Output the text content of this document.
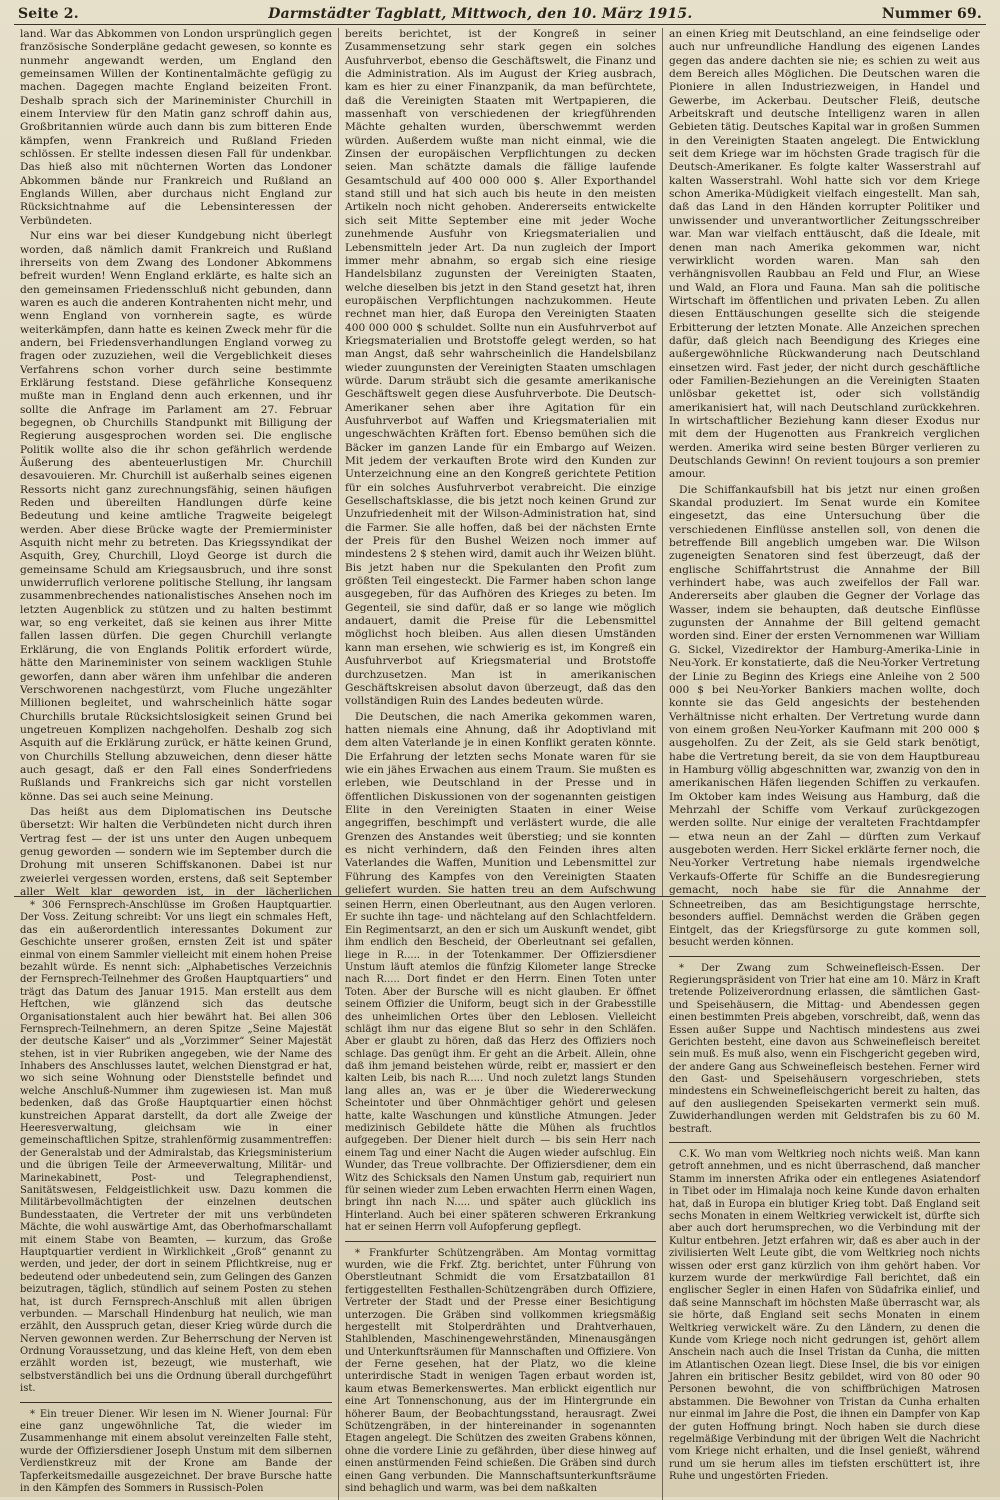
Seite 2.	Darmstädter Tagblatt, Mittwoch, den 10. März 1915.	Nummer 69.

land. War das Abkommen von London ursprünglich gegen französische Sonderpläne gedacht gewesen, so konnte es nunmehr angewandt werden, um England den gemeinsamen Willen der Kontinentalmächte gefügig zu machen. Dagegen machte England beizeiten Front. Deshalb sprach sich der Marineminister Churchill in einem Interview für den Matin ganz schroff dahin aus, Großbritannien würde auch dann bis zum bitteren Ende kämpfen, wenn Frankreich und Rußland Frieden schlössen. Er stellte indessen diesen Fall für undenkbar. Das hieß also mit nüchternen Worten das Londoner Abkommen bände nur Frankreich und Rußland an Englands Willen, aber durchaus nicht England zur Rücksichtnahme auf die Lebensinteressen der Verbündeten.

Nur eins war bei dieser Kundgebung nicht überlegt worden, daß nämlich damit Frankreich und Rußland ihrerseits von dem Zwang des Londoner Abkommens befreit wurden! Wenn England erklärte, es halte sich an den gemeinsamen Friedensschluß nicht gebunden, dann waren es auch die anderen Kontrahenten nicht mehr, und wenn England von vornherein sagte, es würde weiterkämpfen, dann hatte es keinen Zweck mehr für die andern, bei Friedensverhandlungen England vorweg zu fragen oder zuzuziehen, weil die Vergeblichkeit dieses Verfahrens schon vorher durch seine bestimmte Erklärung feststand. Diese gefährliche Konsequenz mußte man in England denn auch erkennen, und ihr sollte die Anfrage im Parlament am 27. Februar begegnen, ob Churchills Standpunkt mit Billigung der Regierung ausgesprochen worden sei. Die englische Politik wollte also die ihr schon gefährlich werdende Äußerung des abenteuerlustigen Mr. Churchill desavouieren. Mr. Churchill ist außerhalb seines eigenen Ressorts nicht ganz zurechnungsfähig, seinen häufigen Reden und übereilten Handlungen dürfe keine Bedeutung und keine amtliche Tragweite beigelegt werden. Aber diese Brücke wagte der Premierminister Asquith nicht mehr zu betreten. Das Kriegssyndikat der Asquith, Grey, Churchill, Lloyd George ist durch die gemeinsame Schuld am Kriegsausbruch, und ihre sonst unwiderruflich verlorene politische Stellung, ihr langsam zusammenbrechendes nationalistisches Ansehen noch im letzten Augenblick zu stützen und zu halten bestimmt war, so eng verkeitet, daß sie keinen aus ihrer Mitte fallen lassen dürfen. Die gegen Churchill verlangte Erklärung, die von Englands Politik erfordert würde, hätte den Marineminister von seinem wackligen Stuhle geworfen, dann aber wären ihm unfehlbar die anderen Verschworenen nachgestürzt, vom Fluche ungezählter Millionen begleitet, und wahrscheinlich hätte sogar Churchills brutale Rücksichtslosigkeit seinen Grund bei ungetreuen Komplizen nachgeholfen. Deshalb zog sich Asquith auf die Erklärung zurück, er hätte keinen Grund, von Churchills Stellung abzuweichen, denn dieser hätte auch gesagt, daß er den Fall eines Sonderfriedens Rußlands und Frankreichs sich gar nicht vorstellen könne. Das sei auch seine Meinung.

Das heißt aus dem Diplomatischen ins Deutsche übersetzt: Wir halten die Verbündeten nicht durch ihren Vertrag fest — der ist uns unter den Augen unbequem genug geworden — sondern wie im September durch die Drohung mit unseren Schiffskanonen. Dabei ist nur zweierlei vergessen worden, erstens, daß seit September aller Welt klar geworden ist, in der lächerlichen

bereits berichtet, ist der Kongreß in seiner Zusammensetzung sehr stark gegen ein solches Ausfuhrverbot, ebenso die Geschäftswelt, die Finanz und die Administration. Als im August der Krieg ausbrach, kam es hier zu einer Finanzpanik, da man befürchtete, daß die Vereinigten Staaten mit Wertpapieren, die massenhaft von verschiedenen der kriegführenden Mächte gehalten wurden, überschwemmt werden würden. Außerdem wußte man nicht einmal, wie die Zinsen der europäischen Verpflichtungen zu decken seien. Man schätzte damals die fällige laufende Gesamtschuld auf 400 000 000 $. Aller Exporthandel stand still und hat sich auch bis heute in den meisten Artikeln noch nicht gehoben. Andererseits entwickelte sich seit Mitte September eine mit jeder Woche zunehmende Ausfuhr von Kriegsmaterialien und Lebensmitteln jeder Art. Da nun zugleich der Import immer mehr abnahm, so ergab sich eine riesige Handelsbilanz zugunsten der Vereinigten Staaten, welche dieselben bis jetzt in den Stand gesetzt hat, ihren europäischen Verpflichtungen nachzukommen. Heute rechnet man hier, daß Europa den Vereinigten Staaten 400 000 000 $ schuldet. Sollte nun ein Ausfuhrverbot auf Kriegsmaterialien und Brotstoffe gelegt werden, so hat man Angst, daß sehr wahrscheinlich die Handelsbilanz wieder zuungunsten der Vereinigten Staaten umschlagen würde. Darum sträubt sich die gesamte amerikanische Geschäftswelt gegen diese Ausfuhrverbote. Die Deutsch-Amerikaner sehen aber ihre Agitation für ein Ausfuhrverbot auf Waffen und Kriegsmaterialien mit ungeschwächten Kräften fort. Ebenso bemühen sich die Bäcker im ganzen Lande für ein Embargo auf Weizen. Mit jedem der verkauften Brote wird den Kunden zur Unterzeichnung eine an den Kongreß gerichtete Petition für ein solches Ausfuhrverbot verabreicht. Die einzige Gesellschaftsklasse, die bis jetzt noch keinen Grund zur Unzufriedenheit mit der Wilson-Administration hat, sind die Farmer. Sie alle hoffen, daß bei der nächsten Ernte der Preis für den Bushel Weizen noch immer auf mindestens 2 $ stehen wird, damit auch ihr Weizen blüht. Bis jetzt haben nur die Spekulanten den Profit zum größten Teil eingesteckt. Die Farmer haben schon lange ausgegeben, für das Aufhören des Krieges zu beten. Im Gegenteil, sie sind dafür, daß er so lange wie möglich andauert, damit die Preise für die Lebensmittel möglichst hoch bleiben. Aus allen diesen Umständen kann man ersehen, wie schwierig es ist, im Kongreß ein Ausfuhrverbot auf Kriegsmaterial und Brotstoffe durchzusetzen. Man ist in amerikanischen Geschäftskreisen absolut davon überzeugt, daß das den vollständigen Ruin des Landes bedeuten würde.

Die Deutschen, die nach Amerika gekommen waren, hatten niemals eine Ahnung, daß ihr Adoptivland mit dem alten Vaterlande je in einen Konflikt geraten könnte. Die Erfahrung der letzten sechs Monate waren für sie wie ein jähes Erwachen aus einem Traum. Sie mußten es erleben, wie Deutschland in der Presse und in öffentlichen Diskussionen von der sogenannten geistigen Elite in den Vereinigten Staaten in einer Weise angegriffen, beschimpft und verlästert wurde, die alle Grenzen des Anstandes weit überstieg; und sie konnten es nicht verhindern, daß den Feinden ihres alten Vaterlandes die Waffen, Munition und Lebensmittel zur Führung des Kampfes von den Vereinigten Staaten geliefert wurden. Sie hatten treu an dem Aufschwung

an einen Krieg mit Deutschland, an eine feindselige oder auch nur unfreundliche Handlung des eigenen Landes gegen das andere dachten sie nie; es schien zu weit aus dem Bereich alles Möglichen. Die Deutschen waren die Pioniere in allen Industriezweigen, in Handel und Gewerbe, im Ackerbau. Deutscher Fleiß, deutsche Arbeitskraft und deutsche Intelligenz waren in allen Gebieten tätig. Deutsches Kapital war in großen Summen in den Vereinigten Staaten angelegt. Die Entwicklung seit dem Kriege war im höchsten Grade tragisch für die Deutsch-Amerikaner. Es folgte kalter Wasserstrahl auf kalten Wasserstrahl. Wohl hatte sich vor dem Kriege schon Amerika-Müdigkeit vielfach eingestellt. Man sah, daß das Land in den Händen korrupter Politiker und unwissender und unverantwortlicher Zeitungsschreiber war. Man war vielfach enttäuscht, daß die Ideale, mit denen man nach Amerika gekommen war, nicht verwirklicht worden waren. Man sah den verhängnisvollen Raubbau an Feld und Flur, an Wiese und Wald, an Flora und Fauna. Man sah die politische Wirtschaft im öffentlichen und privaten Leben. Zu allen diesen Enttäuschungen gesellte sich die steigende Erbitterung der letzten Monate. Alle Anzeichen sprechen dafür, daß gleich nach Beendigung des Krieges eine außergewöhnliche Rückwanderung nach Deutschland einsetzen wird. Fast jeder, der nicht durch geschäftliche oder Familien-Beziehungen an die Vereinigten Staaten unlösbar gekettet ist, oder sich vollständig amerikanisiert hat, will nach Deutschland zurückkehren. In wirtschaftlicher Beziehung kann dieser Exodus nur mit dem der Hugenotten aus Frankreich verglichen werden. Amerika wird seine besten Bürger verlieren zu Deutschlands Gewinn! On revient toujours a son premier amour.

Die Schiffankaufsbill hat bis jetzt nur einen großen Skandal produziert. Im Senat wurde ein Komitee eingesetzt, das eine Untersuchung über die verschiedenen Einflüsse anstellen soll, von denen die betreffende Bill angeblich umgeben war. Die Wilson zugeneigten Senatoren sind fest überzeugt, daß der englische Schiffahrtstrust die Annahme der Bill verhindert habe, was auch zweifellos der Fall war. Andererseits aber glauben die Gegner der Vorlage das Wasser, indem sie behaupten, daß deutsche Einflüsse zugunsten der Annahme der Bill geltend gemacht worden sind. Einer der ersten Vernommenen war William G. Sickel, Vizedirektor der Hamburg-Amerika-Linie in Neu-York. Er konstatierte, daß die Neu-Yorker Vertretung der Linie zu Beginn des Kriegs eine Anleihe von 2 500 000 $ bei Neu-Yorker Bankiers machen wollte, doch konnte sie das Geld angesichts der bestehenden Verhältnisse nicht erhalten. Der Vertretung wurde dann von einem großen Neu-Yorker Kaufmann mit 200 000 $ ausgeholfen. Zu der Zeit, als sie Geld stark benötigt, habe die Vertretung bereit, da sie von dem Hauptbureau in Hamburg völlig abgeschnitten war, zwanzig von den in amerikanischen Häfen liegenden Schiffen zu verkaufen. Im Oktober kam indes Weisung aus Hamburg, daß die Mehrzahl der Schiffe vom Verkauf zurückgezogen werden sollte. Nur einige der veralteten Frachtdampfer — etwa neun an der Zahl — dürften zum Verkauf ausgeboten werden. Herr Sickel erklärte ferner noch, die Neu-Yorker Vertretung habe niemals irgendwelche Verkaufs-Offerte für Schiffe an die Bundesregierung gemacht, noch habe sie für die Annahme der

* 306 Fernsprech-Anschlüsse im Großen Hauptquartier. Der Voss. Zeitung schreibt: Vor uns liegt ein schmales Heft, das ein außerordentlich interessantes Dokument zur Geschichte unserer großen, ernsten Zeit ist und später einmal von einem Sammler vielleicht mit einem hohen Preise bezahlt würde. Es nennt sich: „Alphabetisches Verzeichnis der Fernsprech-Teilnehmer des Großen Hauptquartiers“ und trägt das Datum des Januar 1915. Man erstellt aus dem Heftchen, wie glänzend sich das deutsche Organisationstalent auch hier bewährt hat. Bei allen 306 Fernsprech-Teilnehmern, an deren Spitze „Seine Majestät der deutsche Kaiser“ und als „Vorzimmer“ Seiner Majestät stehen, ist in vier Rubriken angegeben, wie der Name des Inhabers des Anschlusses lautet, welchen Dienstgrad er hat, wo sich seine Wohnung oder Dienststelle befindet und welche Anschluß-Nummer ihm zugewiesen ist. Man muß bedenken, daß das Große Hauptquartier einen höchst kunstreichen Apparat darstellt, da dort alle Zweige der Heeresverwaltung, gleichsam wie in einer gemeinschaftlichen Spitze, strahlenförmig zusammentreffen: der Generalstab und der Admiralstab, das Kriegsministerium und die übrigen Teile der Armeeverwaltung, Militär- und Marinekabinett, Post- und Telegraphendienst, Sanitätswesen, Feldgeistlichkeit usw. Dazu kommen die Militärbevollmächtigten der einzelnen deutschen Bundesstaaten, die Vertreter der mit uns verbündeten Mächte, die wohl auswärtige Amt, das Oberhofmarschallamt mit einem Stabe von Beamten, — kurzum, das Große Hauptquartier verdient in Wirklichkeit „Groß“ genannt zu werden, und jeder, der dort in seinem Pflichtkreise, nug er bedeutend oder unbedeutend sein, zum Gelingen des Ganzen beizutragen, täglich, stündlich auf seinem Posten zu stehen hat, ist durch Fernsprech-Anschluß mit allen übrigen verbunden. — Marschall Hindenburg hat neulich, wie man erzählt, den Ausspruch getan, dieser Krieg würde durch die Nerven gewonnen werden. Zur Beherrschung der Nerven ist Ordnung Voraussetzung, und das kleine Heft, von dem eben erzählt worden ist, bezeugt, wie musterhaft, wie selbstverständlich bei uns die Ordnung überall durchgeführt ist.

* Ein treuer Diener. Wir lesen im N. Wiener Journal: Für eine ganz ungewöhnliche Tat, die wieder im Zusammenhange mit einem absolut vereinzelten Falle steht, wurde der Offiziersdiener Joseph Unstum mit dem silbernen Verdienstkreuz mit der Krone am Bande der Tapferkeitsmedaille ausgezeichnet. Der brave Bursche hatte in den Kämpfen des Sommers in Russisch-Polen

seinen Herrn, einen Oberleutnant, aus den Augen verloren. Er suchte ihn tage- und nächtelang auf den Schlachtfeldern. Ein Regimentsarzt, an den er sich um Auskunft wendet, gibt ihm endlich den Bescheid, der Oberleutnant sei gefallen, liege in R..... in der Totenkammer. Der Offiziersdiener Unstum läuft atemlos die fünfzig Kilometer lange Strecke nach R..... Dort findet er den Herrn. Einen Toten unter Toten. Aber der Bursche will es nicht glauben. Er öffnet seinem Offizier die Uniform, beugt sich in der Grabesstille des unheimlichen Ortes über den Leblosen. Vielleicht schlägt ihm nur das eigene Blut so sehr in den Schläfen. Aber er glaubt zu hören, daß das Herz des Offiziers noch schlage. Das genügt ihm. Er geht an die Arbeit. Allein, ohne daß ihm jemand beistehen würde, reibt er, massiert er den kalten Leib, bis nach R..... Und noch zuletzt langs Stunden lang alles an, was er je über die Wiedererweckung Scheintoter und über Ohnmächtiger gehört und gelesen hatte, kalte Waschungen und künstliche Atmungen. Jeder medizinisch Gebildete hätte die Mühen als fruchtlos aufgegeben. Der Diener hielt durch — bis sein Herr nach einem Tag und einer Nacht die Augen wieder aufschlug. Ein Wunder, das Treue vollbrachte. Der Offiziersdiener, dem ein Witz des Schicksals den Namen Unstum gab, requiriert nun für seinen wieder zum Leben erwachten Herrn einen Wagen, bringt ihn nach N..... und später auch glücklich ins Hinterland. Auch bei einer späteren schweren Erkrankung hat er seinen Herrn voll Aufopferung gepflegt.

* Frankfurter Schützengräben. Am Montag vormittag wurden, wie die Frkf. Ztg. berichtet, unter Führung von Oberstleutnant Schmidt die vom Ersatzbataillon 81 fertiggestellten Festhallen-Schützengräben durch Offiziere, Vertreter der Stadt und der Presse einer Besichtigung unterzogen. Die Gräben sind vollkommen kriegsmäßig hergestellt mit Stolperdrähten und Drahtverhauen, Stahlblenden, Maschinengewehrständen, Minenausgängen und Unterkunftsräumen für Mannschaften und Offiziere. Von der Ferne gesehen, hat der Platz, wo die kleine unterirdische Stadt in wenigen Tagen erbaut worden ist, kaum etwas Bemerkenswertes. Man erblickt eigentlich nur eine Art Tonnenschonung, aus der im Hintergrunde ein höherer Baum, der Beobachtungsstand, herausragt. Zwei Schützengräben, in der hintereinander in sogenannten Etagen angelegt. Die Schützen des zweiten Grabens können, ohne die vordere Linie zu gefährden, über diese hinweg auf einen anstürmenden Feind schießen. Die Gräben sind durch einen Gang verbunden. Die Mannschaftsunterkunftsräume sind behaglich und warm, was bei dem naßkalten

Schneetreiben, das am Besichtigungstage herrschte, besonders auffiel. Demnächst werden die Gräben gegen Eintgelt, das der Kriegsfürsorge zu gute kommen soll, besucht werden können.

* Der Zwang zum Schweinefleisch-Essen. Der Regierungspräsident von Trier hat eine am 10. März in Kraft tretende Polizeiverordnung erlassen, die sämtlichen Gast- und Speisehäusern, die Mittag- und Abendessen gegen einen bestimmten Preis abgeben, vorschreibt, daß, wenn das Essen außer Suppe und Nachtisch mindestens aus zwei Gerichten besteht, eine davon aus Schweinefleisch bereitet sein muß. Es muß also, wenn ein Fischgericht gegeben wird, der andere Gang aus Schweinefleisch bestehen. Ferner wird den Gast- und Speisehäusern vorgeschrieben, stets mindestens ein Schweinefleischgericht bereit zu halten, das auf den ausliegenden Speisekarten vermerkt sein muß. Zuwiderhandlungen werden mit Geldstrafen bis zu 60 M. bestraft.

C.K. Wo man vom Weltkrieg noch nichts weiß. Man kann getroft annehmen, und es nicht überraschend, daß mancher Stamm im innersten Afrika oder ein entlegenes Asiatendorf in Tibet oder im Himalaja noch keine Kunde davon erhalten hat, daß in Europa ein blutiger Krieg tobt. Daß England seit sechs Monaten in einem Weltkrieg verwickelt ist, dürfte sich aber auch dort herumsprechen, wo die Verbindung mit der Kultur entbehren. Jetzt erfahren wir, daß es aber auch in der zivilisierten Welt Leute gibt, die vom Weltkrieg noch nichts wissen oder erst ganz kürzlich von ihm gehört haben. Vor kurzem wurde der merkwürdige Fall berichtet, daß ein englischer Segler in einen Hafen von Südafrika einlief, und daß seine Mannschaft im höchsten Maße überrascht war, als sie hörte, daß England seit sechs Monaten in einem Weltkrieg verwickelt wäre. Zu den Ländern, zu denen die Kunde vom Kriege noch nicht gedrungen ist, gehört allem Anschein nach auch die Insel Tristan da Cunha, die mitten im Atlantischen Ozean liegt. Diese Insel, die bis vor einigen Jahren ein britischer Besitz gebildet, wird von 80 oder 90 Personen bewohnt, die von schiffbrüchigen Matrosen abstammen. Die Bewohner von Tristan da Cunha erhalten nur einmal im Jahre die Post, die ihnen ein Dampfer von Kap der guten Hoffnung bringt. Noch haben sie durch diese regelmäßige Verbindung mit der übrigen Welt die Nachricht vom Kriege nicht erhalten, und die Insel genießt, während rund um sie herum alles im tiefsten erschüttert ist, ihre Ruhe und ungestörten Frieden.
